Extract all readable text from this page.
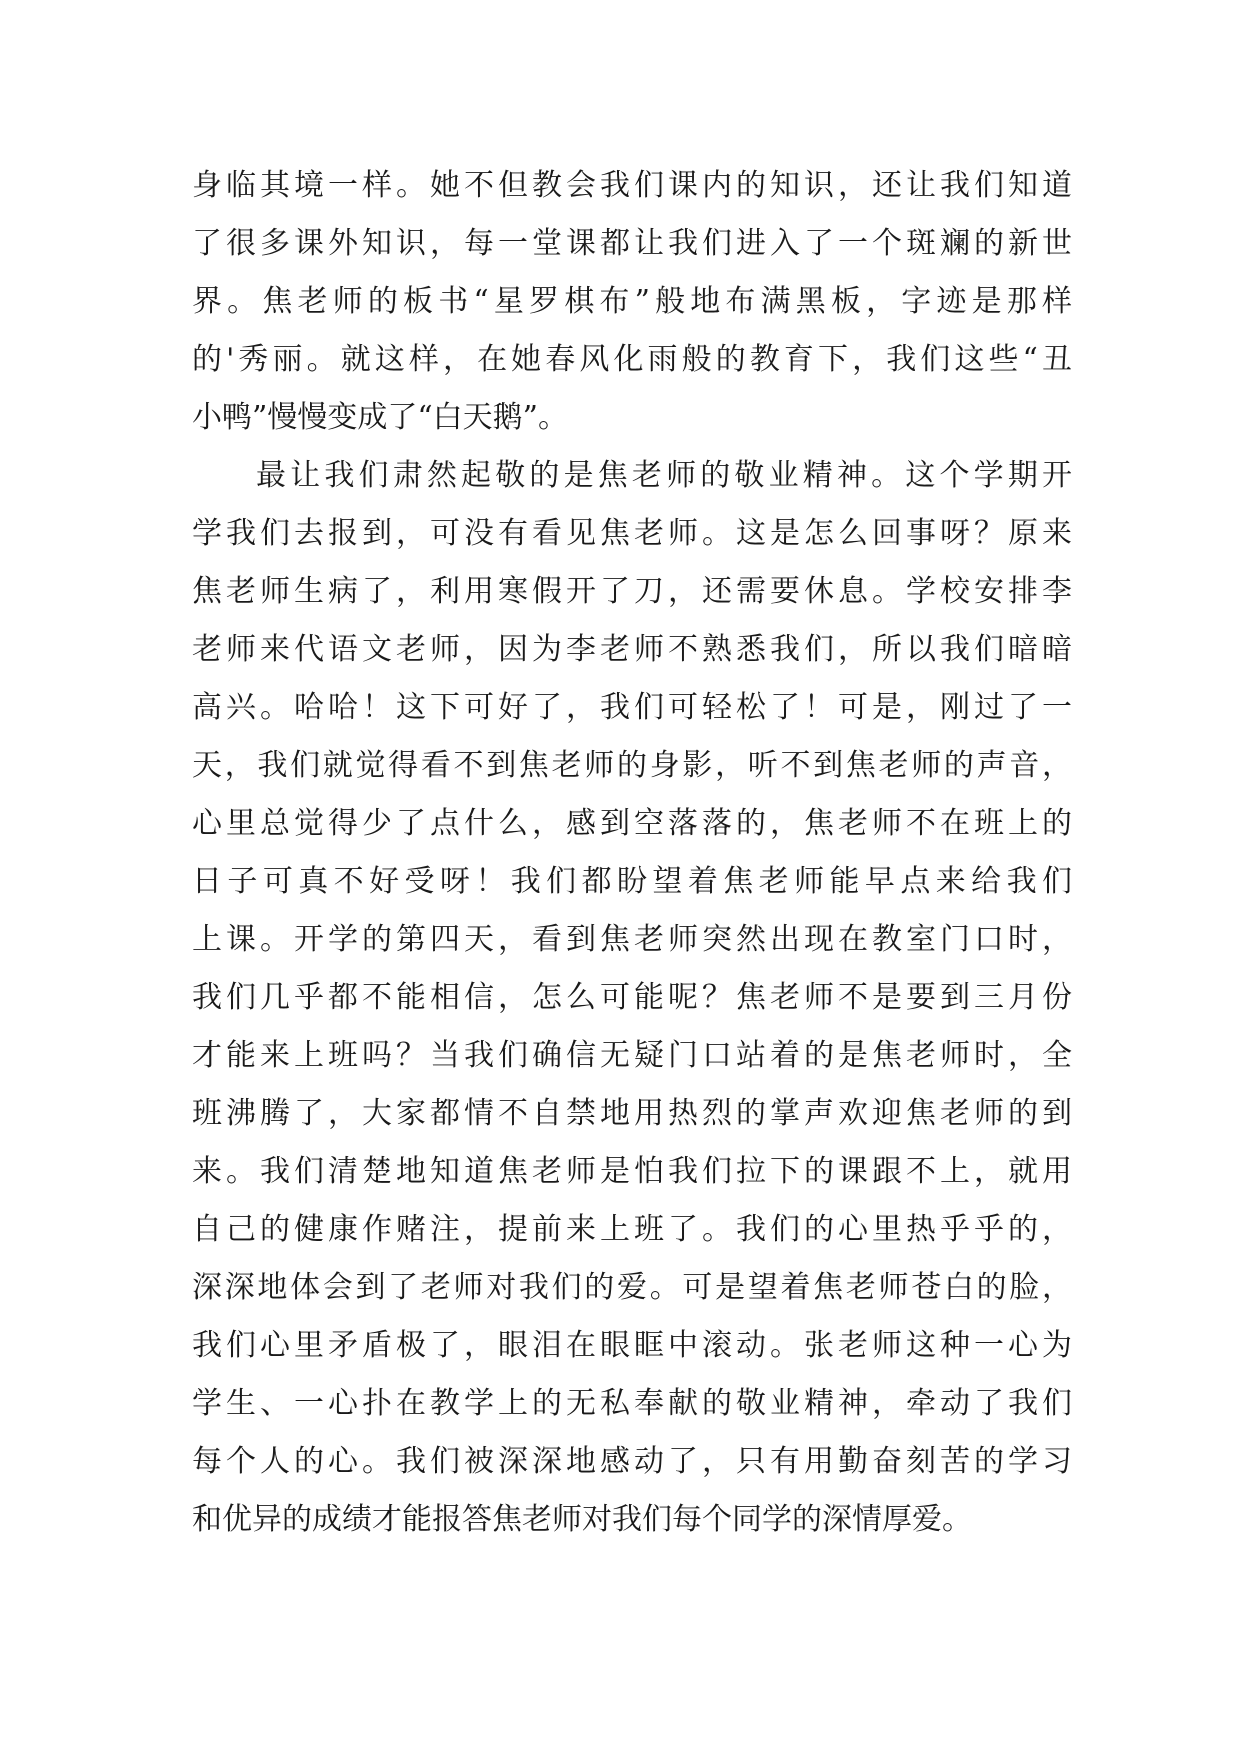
身临其境一样。她不但教会我们课内的知识，还让我们知道
了很多课外知识，每一堂课都让我们进入了一个斑斓的新世
界。焦老师的板书“星罗棋布”般地布满黑板，字迹是那样
的'秀丽。就这样，在她春风化雨般的教育下，我们这些“丑
小鸭”慢慢变成了“白天鹅”。
最让我们肃然起敬的是焦老师的敬业精神。这个学期开
学我们去报到，可没有看见焦老师。这是怎么回事呀？原来
焦老师生病了，利用寒假开了刀，还需要休息。学校安排李
老师来代语文老师，因为李老师不熟悉我们，所以我们暗暗
高兴。哈哈！这下可好了，我们可轻松了！可是，刚过了一
天，我们就觉得看不到焦老师的身影，听不到焦老师的声音，
心里总觉得少了点什么，感到空落落的，焦老师不在班上的
日子可真不好受呀！我们都盼望着焦老师能早点来给我们
上课。开学的第四天，看到焦老师突然出现在教室门口时，
我们几乎都不能相信，怎么可能呢？焦老师不是要到三月份
才能来上班吗？当我们确信无疑门口站着的是焦老师时，全
班沸腾了，大家都情不自禁地用热烈的掌声欢迎焦老师的到
来。我们清楚地知道焦老师是怕我们拉下的课跟不上，就用
自己的健康作赌注，提前来上班了。我们的心里热乎乎的，
深深地体会到了老师对我们的爱。可是望着焦老师苍白的脸，
我们心里矛盾极了，眼泪在眼眶中滚动。张老师这种一心为
学生、一心扑在教学上的无私奉献的敬业精神，牵动了我们
每个人的心。我们被深深地感动了，只有用勤奋刻苦的学习
和优异的成绩才能报答焦老师对我们每个同学的深情厚爱。
